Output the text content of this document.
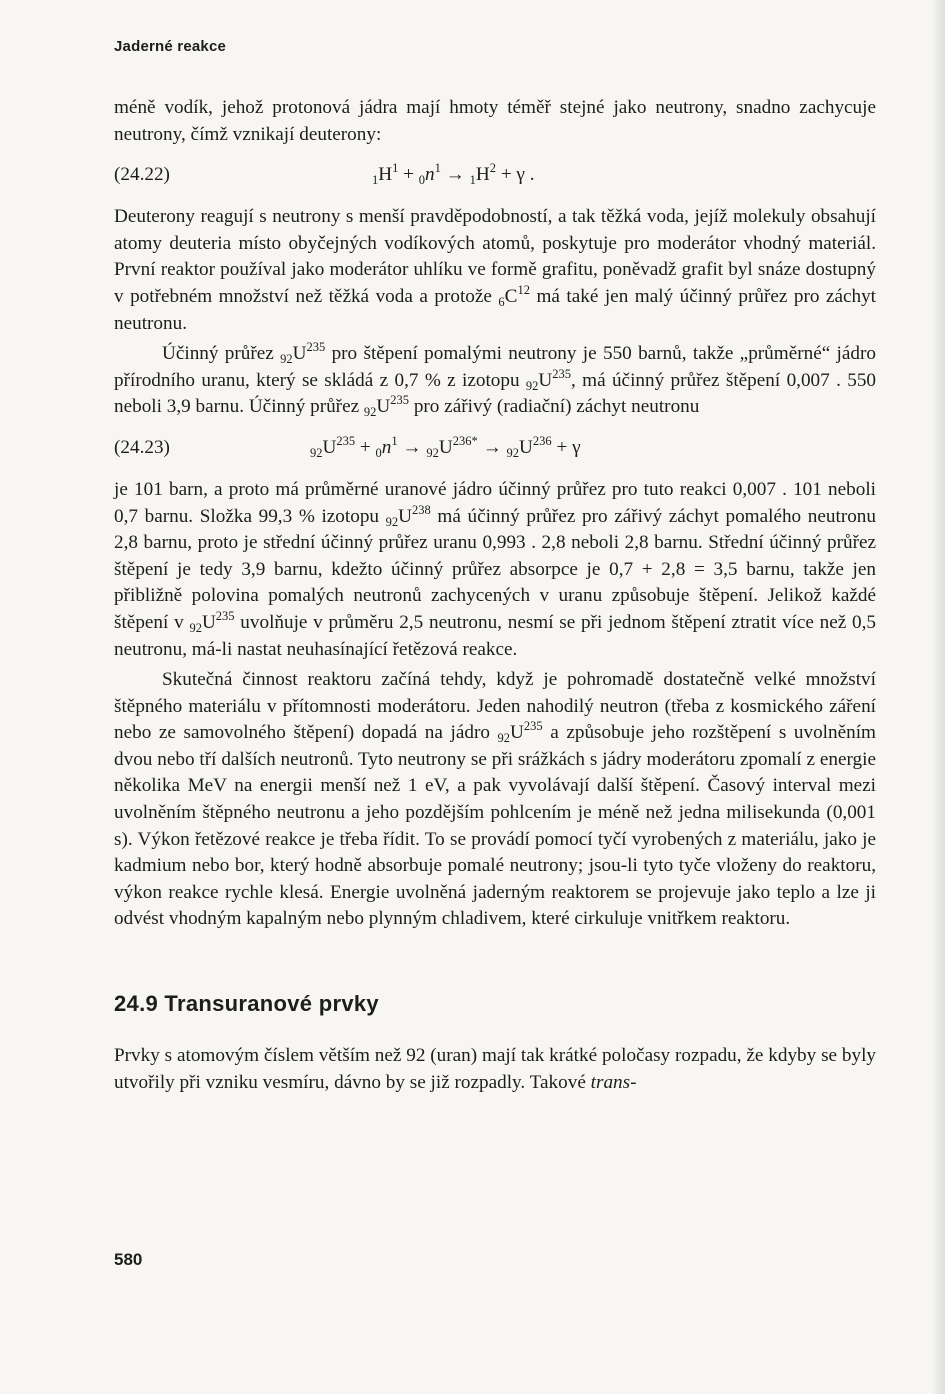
Jaderné reakce

méně vodík, jehož protonová jádra mají hmoty téměř stejné jako neutrony, snadno zachycuje neutrony, čímž vznikají deuterony:

(24.22)	$_1H^1 + _0n^1 \to _1H^2 + \gamma$ .

Deuterony reagují s neutrony s menší pravděpodobností, a tak těžká voda, jejíž molekuly obsahují atomy deuteria místo obyčejných vodíkových atomů, poskytuje pro moderátor vhodný materiál. První reaktor používal jako moderátor uhlíku ve formě grafitu, poněvadž grafit byl snáze dostupný v potřebném množství než těžká voda a protože $_6C^{12}$ má také jen malý účinný průřez pro záchyt neutronu.

Účinný průřez $_{92}U^{235}$ pro štěpení pomalými neutrony je 550 barnů, takže „průměrné“ jádro přírodního uranu, který se skládá z 0,7 % z izotopu $_{92}U^{235}$, má účinný průřez štěpení 0,007 . 550 neboli 3,9 barnu. Účinný průřez $_{92}U^{235}$ pro zářivý (radiační) záchyt neutronu

(24.23)	$_{92}U^{235} + _0n^1 \to _{92}U^{236*} \to _{92}U^{236} + \gamma$

je 101 barn, a proto má průměrné uranové jádro účinný průřez pro tuto reakci 0,007 . 101 neboli 0,7 barnu. Složka 99,3 % izotopu $_{92}U^{238}$ má účinný průřez pro zářivý záchyt pomalého neutronu 2,8 barnu, proto je střední účinný průřez uranu 0,993 . 2,8 neboli 2,8 barnu. Střední účinný průřez štěpení je tedy 3,9 barnu, kdežto účinný průřez absorpce je 0,7 + 2,8 = 3,5 barnu, takže jen přibližně polovina pomalých neutronů zachycených v uranu způsobuje štěpení. Jelikož každé štěpení v $_{92}U^{235}$ uvolňuje v průměru 2,5 neutronu, nesmí se při jednom štěpení ztratit více než 0,5 neutronu, má-li nastat neuhasínající řetězová reakce.

Skutečná činnost reaktoru začíná tehdy, když je pohromadě dostatečně velké množství štěpného materiálu v přítomnosti moderátoru. Jeden nahodilý neutron (třeba z kosmického záření nebo ze samovolného štěpení) dopadá na jádro $_{92}U^{235}$ a způsobuje jeho rozštěpení s uvolněním dvou nebo tří dalších neutronů. Tyto neutrony se při srážkách s jádry moderátoru zpomalí z energie několika MeV na energii menší než 1 eV, a pak vyvolávají další štěpení. Časový interval mezi uvolněním štěpného neutronu a jeho pozdějším pohlcením je méně než jedna milisekunda (0,001 s). Výkon řetězové reakce je třeba řídit. To se provádí pomocí tyčí vyrobených z materiálu, jako je kadmium nebo bor, který hodně absorbuje pomalé neutrony; jsou-li tyto tyče vloženy do reaktoru, výkon reakce rychle klesá. Energie uvolněná jaderným reaktorem se projevuje jako teplo a lze ji odvést vhodným kapalným nebo plynným chladivem, které cirkuluje vnitřkem reaktoru.

24.9 Transuranové prvky

Prvky s atomovým číslem větším než 92 (uran) mají tak krátké poločasy rozpadu, že kdyby se byly utvořily při vzniku vesmíru, dávno by se již rozpadly. Takové trans-

580
